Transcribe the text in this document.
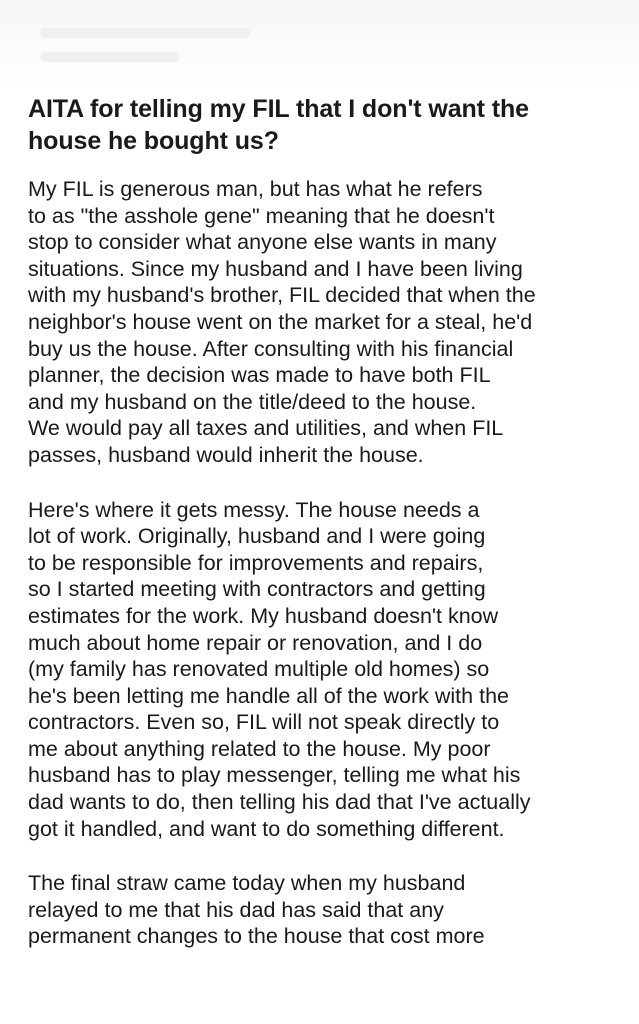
AITA for telling my FIL that I don't want the
house he bought us?

My FIL is generous man, but has what he refers
to as "the asshole gene" meaning that he doesn't
stop to consider what anyone else wants in many
situations. Since my husband and I have been living
with my husband's brother, FIL decided that when the
neighbor's house went on the market for a steal, he'd
buy us the house. After consulting with his financial
planner, the decision was made to have both FIL
and my husband on the title/deed to the house.
We would pay all taxes and utilities, and when FIL
passes, husband would inherit the house.

Here's where it gets messy. The house needs a
lot of work. Originally, husband and I were going
to be responsible for improvements and repairs,
so I started meeting with contractors and getting
estimates for the work. My husband doesn't know
much about home repair or renovation, and I do
(my family has renovated multiple old homes) so
he's been letting me handle all of the work with the
contractors. Even so, FIL will not speak directly to
me about anything related to the house. My poor
husband has to play messenger, telling me what his
dad wants to do, then telling his dad that I've actually
got it handled, and want to do something different.

The final straw came today when my husband
relayed to me that his dad has said that any
permanent changes to the house that cost more
